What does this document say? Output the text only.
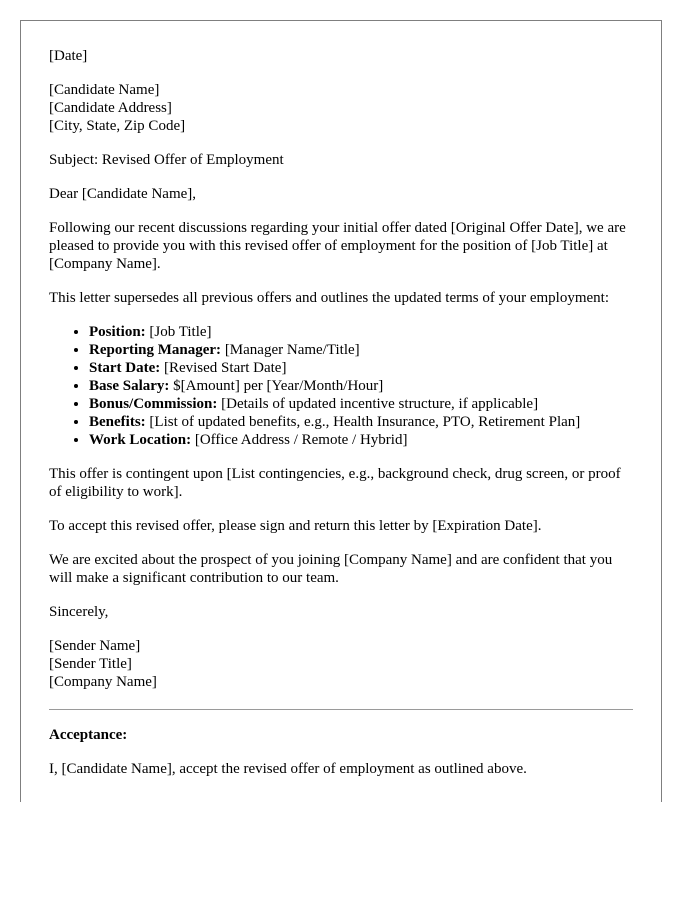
[Date]

[Candidate Name]

[Candidate Address]

[City, State, Zip Code]

Subject: Revised Offer of Employment

Dear [Candidate Name],

Following our recent discussions regarding your initial offer dated [Original Offer Date], we are pleased to provide you with this revised offer of employment for the position of [Job Title] at [Company Name].

This letter supersedes all previous offers and outlines the updated terms of your employment:

• Position: [Job Title]
• Reporting Manager: [Manager Name/Title]
• Start Date: [Revised Start Date]
• Base Salary: $[Amount] per [Year/Month/Hour]
• Bonus/Commission: [Details of updated incentive structure, if applicable]
• Benefits: [List of updated benefits, e.g., Health Insurance, PTO, Retirement Plan]
• Work Location: [Office Address / Remote / Hybrid]

This offer is contingent upon [List contingencies, e.g., background check, drug screen, or proof of eligibility to work].

To accept this revised offer, please sign and return this letter by [Expiration Date].

We are excited about the prospect of you joining [Company Name] and are confident that you will make a significant contribution to our team.

Sincerely,

[Sender Name]

[Sender Title]

[Company Name]

Acceptance:

I, [Candidate Name], accept the revised offer of employment as outlined above.
